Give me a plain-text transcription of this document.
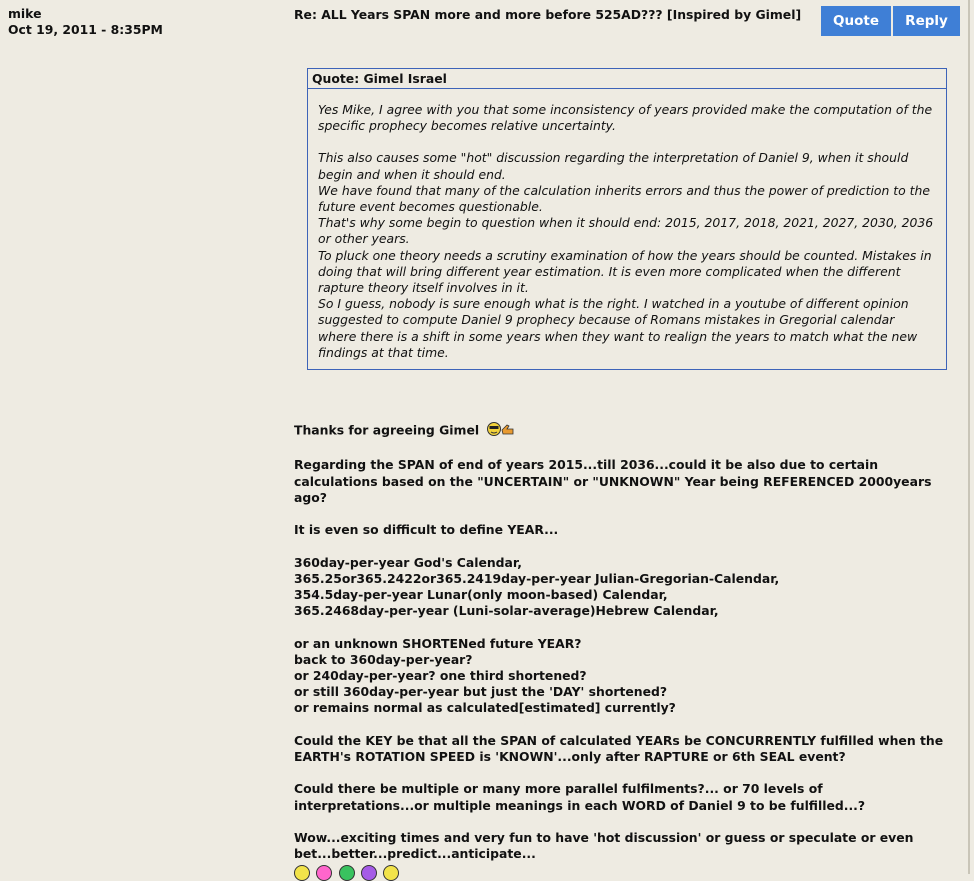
mike
Oct 19, 2011 - 8:35PM
Re: ALL Years SPAN more and more before 525AD??? [Inspired by Gimel]	Quote	Reply
Quote: Gimel Israel

Yes Mike, I agree with you that some inconsistency of years provided make the computation of the specific prophecy becomes relative uncertainty.

This also causes some "hot" discussion regarding the interpretation of Daniel 9, when it should begin and when it should end.

We have found that many of the calculation inherits errors and thus the power of prediction to the future event becomes questionable.

That's why some begin to question when it should end: 2015, 2017, 2018, 2021, 2027, 2030, 2036 or other years.

To pluck one theory needs a scrutiny examination of how the years should be counted. Mistakes in doing that will bring different year estimation. It is even more complicated when the different rapture theory itself involves in it.

So I guess, nobody is sure enough what is the right. I watched in a youtube of different opinion suggested to compute Daniel 9 prophecy because of Romans mistakes in Gregorial calendar where there is a shift in some years when they want to realign the years to match what the new findings at that time.

Thanks for agreeing Gimel

Regarding the SPAN of end of years 2015...till 2036...could it be also due to certain calculations based on the "UNCERTAIN" or "UNKNOWN" Year being REFERENCED 2000years ago?

It is even so difficult to define YEAR...

360day-per-year God's Calendar,
365.25or365.2422or365.2419day-per-year Julian-Gregorian-Calendar,
354.5day-per-year Lunar(only moon-based) Calendar,
365.2468day-per-year (Luni-solar-average)Hebrew Calendar,

or an unknown SHORTENed future YEAR?
back to 360day-per-year?
or 240day-per-year? one third shortened?
or still 360day-per-year but just the 'DAY' shortened?
or remains normal as calculated[estimated] currently?

Could the KEY be that all the SPAN of calculated YEARs be CONCURRENTLY fulfilled when the EARTH's ROTATION SPEED is 'KNOWN'...only after RAPTURE or 6th SEAL event?

Could there be multiple or many more parallel fulfilments?... or 70 levels of interpretations...or multiple meanings in each WORD of Daniel 9 to be fulfilled...?

Wow...exciting times and very fun to have 'hot discussion' or guess or speculate or even bet...better...predict...anticipate...
